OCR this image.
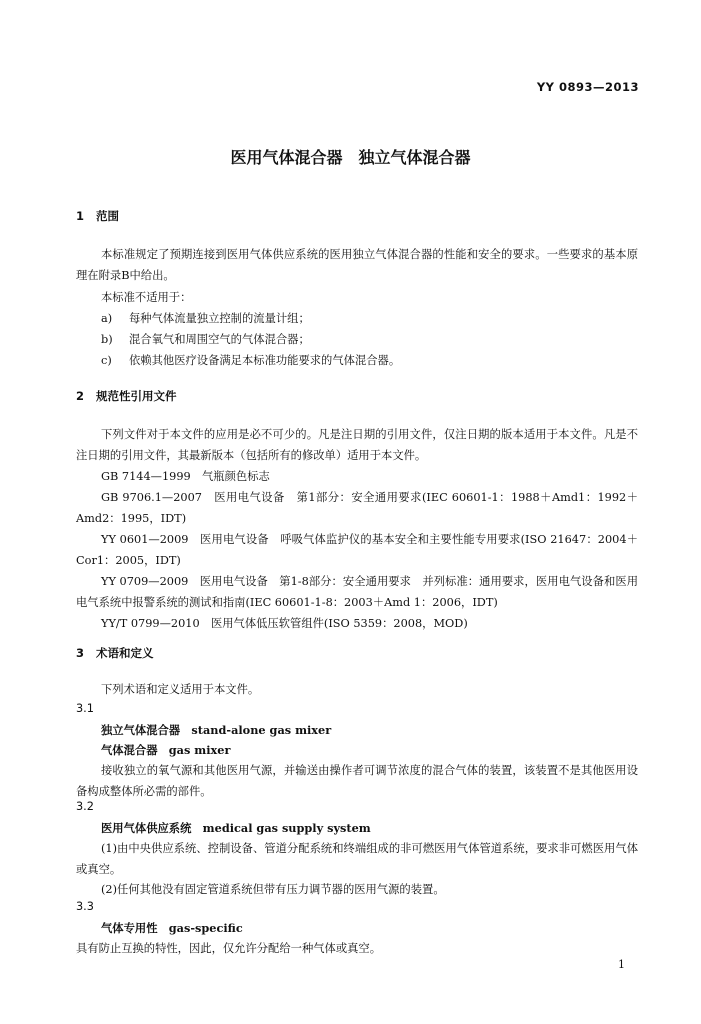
YY 0893—2013
医用气体混合器　独立气体混合器
1 范围
本标准规定了预期连接到医用气体供应系统的医用独立气体混合器的性能和安全的要求。一些要求的基本原理在附录B中给出。
本标准不适用于：
a) 每种气体流量独立控制的流量计组；
b) 混合氧气和周围空气的气体混合器；
c) 依赖其他医疗设备满足本标准功能要求的气体混合器。
2 规范性引用文件
下列文件对于本文件的应用是必不可少的。凡是注日期的引用文件，仅注日期的版本适用于本文件。凡是不注日期的引用文件，其最新版本（包括所有的修改单）适用于本文件。
GB 7144—1999　气瓶颜色标志
GB 9706.1—2007　医用电气设备　第1部分：安全通用要求(IEC 60601-1：1988＋Amd1：1992＋Amd2：1995，IDT)
YY 0601—2009　医用电气设备　呼吸气体监护仪的基本安全和主要性能专用要求(ISO 21647：2004＋Cor1：2005，IDT)
YY 0709—2009　医用电气设备　第1-8部分：安全通用要求　并列标准：通用要求，医用电气设备和医用电气系统中报警系统的测试和指南(IEC 60601-1-8：2003＋Amd 1：2006，IDT)
YY/T 0799—2010　医用气体低压软管组件(ISO 5359：2008，MOD)
3 术语和定义
下列术语和定义适用于本文件。
3.1
独立气体混合器　stand-alone gas mixer
气体混合器　gas mixer
接收独立的氧气源和其他医用气源，并输送由操作者可调节浓度的混合气体的装置，该装置不是其他医用设备构成整体所必需的部件。
3.2
医用气体供应系统　medical gas supply system
(1)由中央供应系统、控制设备、管道分配系统和终端组成的非可燃医用气体管道系统，要求非可燃医用气体或真空。
(2)任何其他没有固定管道系统但带有压力调节器的医用气源的装置。
3.3
气体专用性　gas-specific
具有防止互换的特性，因此，仅允许分配给一种气体或真空。
1
